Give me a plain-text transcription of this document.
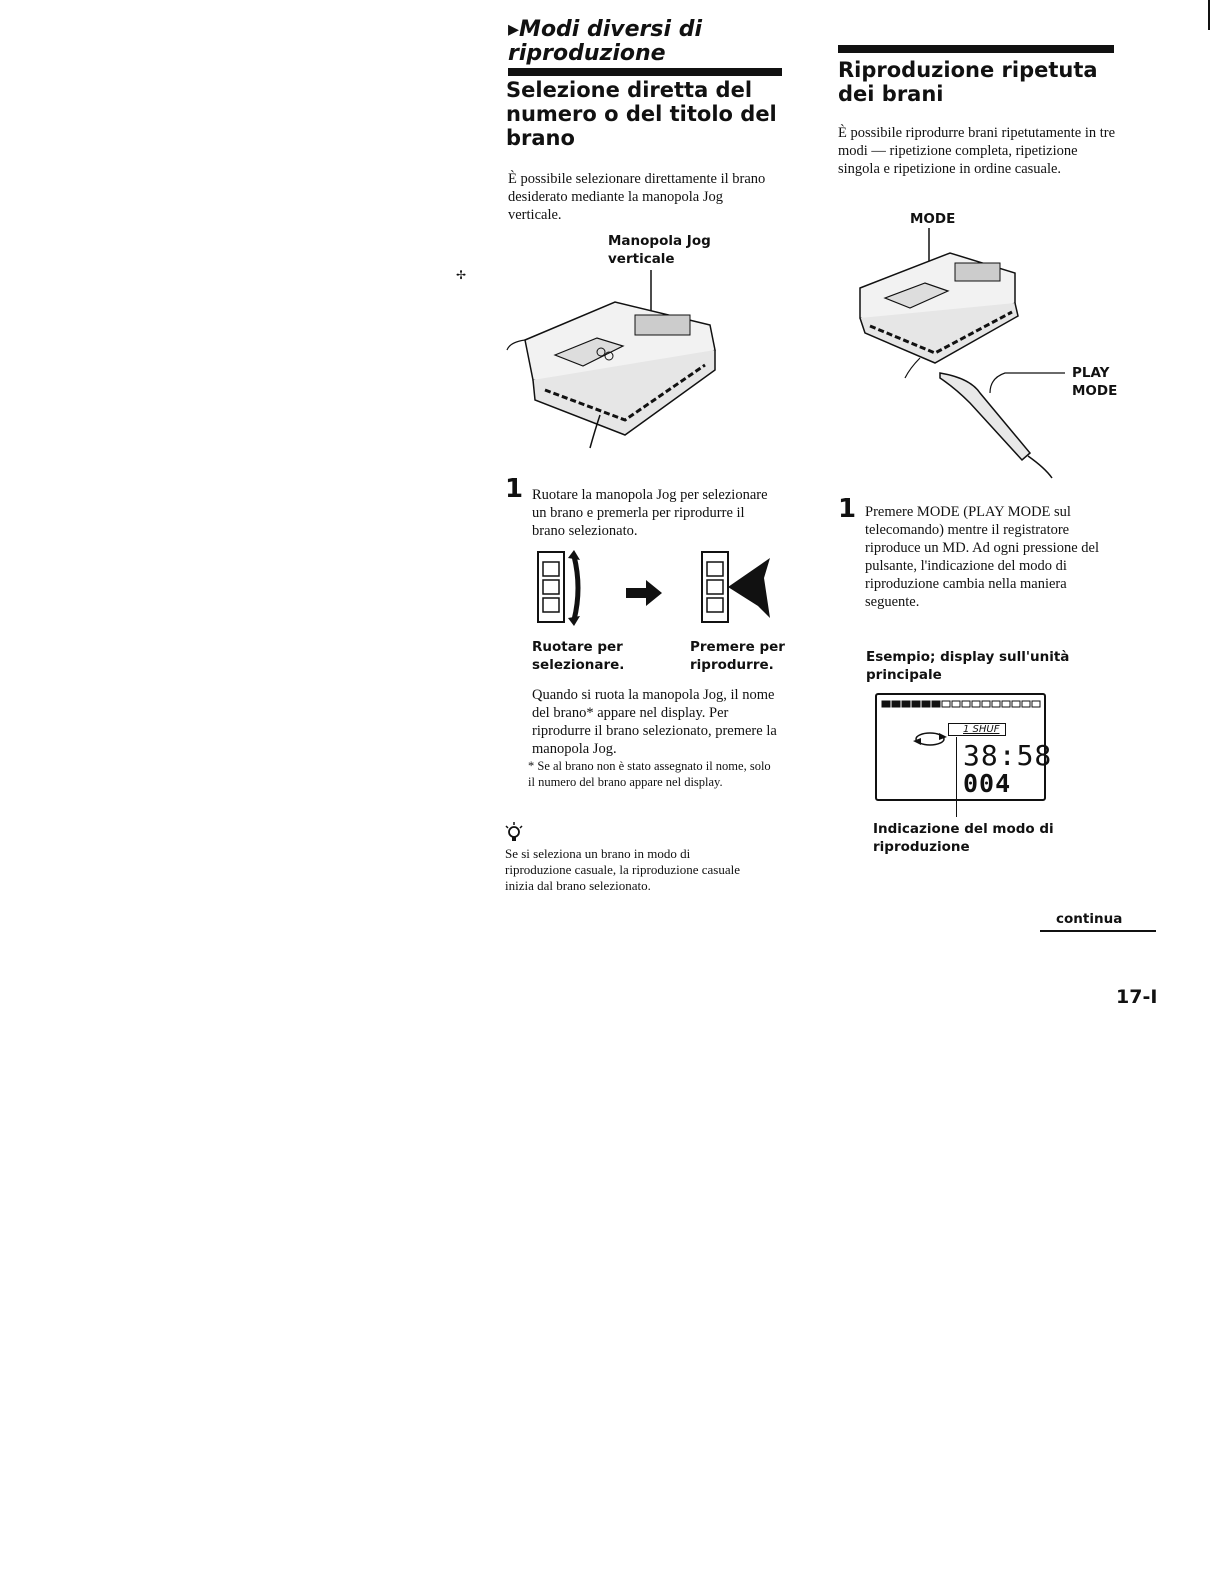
▸Modi diversi di riproduzione
Selezione diretta del numero o del titolo del brano
È possibile selezionare direttamente il brano desiderato mediante la manopola Jog verticale.
Manopola Jog verticale
1 Ruotare la manopola Jog per selezionare un brano e premerla per riprodurre il brano selezionato.
Ruotare per selezionare.
Premere per riprodurre.
Quando si ruota la manopola Jog, il nome del brano* appare nel display. Per riprodurre il brano selezionato, premere la manopola Jog.
* Se al brano non è stato assegnato il nome, solo il numero del brano appare nel display.
Se si seleziona un brano in modo di riproduzione casuale, la riproduzione casuale inizia dal brano selezionato.
Riproduzione ripetuta dei brani
È possibile riprodurre brani ripetutamente in tre modi — ripetizione completa, ripetizione singola e ripetizione in ordine casuale.
MODE
PLAY MODE
1 Premere MODE (PLAY MODE sul telecomando) mentre il registratore riproduce un MD. Ad ogni pressione del pulsante, l'indicazione del modo di riproduzione cambia nella maniera seguente.
Esempio; display sull'unità principale
1 SHUF
38:58
004
Indicazione del modo di riproduzione
continua
17-I
✢
